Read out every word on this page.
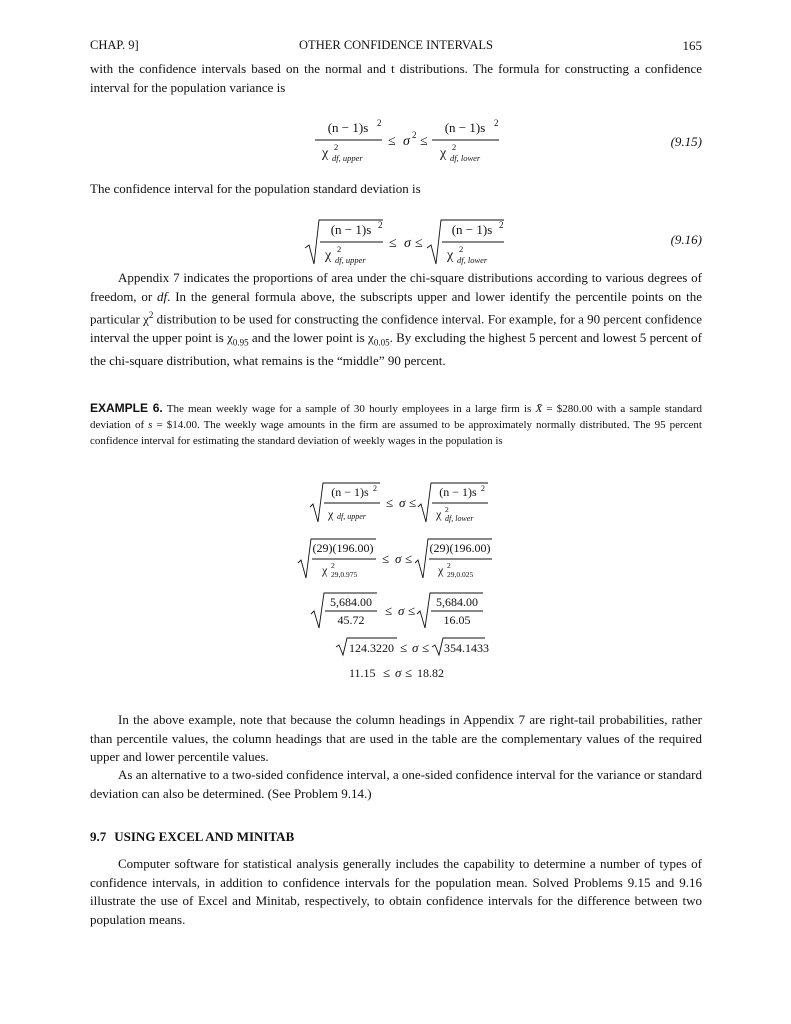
CHAP. 9]	OTHER CONFIDENCE INTERVALS	165

with the confidence intervals based on the normal and t distributions. The formula for constructing a confidence interval for the population variance is

(n − 1)s 2
χ 2
df, upper
≤ σ 2 ≤
(n − 1)s 2
χ 2
df, lower
(9.15)

The confidence interval for the population standard deviation is

(n − 1)s 2
χ 2
df, upper
≤ σ ≤
(n − 1)s 2
χ 2
df, lower
(9.16)

Appendix 7 indicates the proportions of area under the chi-square distributions according to various degrees of freedom, or df. In the general formula above, the subscripts upper and lower identify the percentile points on the particular $\chi^2$ distribution to be used for constructing the confidence interval. For example, for a 90 percent confidence interval the upper point is $\chi_{0.95}$ and the lower point is $\chi_{0.05}$. By excluding the highest 5 percent and lowest 5 percent of the chi-square distribution, what remains is the “middle” 90 percent.

EXAMPLE 6. The mean weekly wage for a sample of 30 hourly employees in a large firm is X̄ = $280.00 with a sample standard deviation of s = $14.00. The weekly wage amounts in the firm are assumed to be approximately normally distributed. The 95 percent confidence interval for estimating the standard deviation of weekly wages in the population is

(n − 1)s 2
χ df, upper
≤ σ ≤
(n − 1)s 2
χ 2
df, lower
(29)(196.00)
χ 2
29,0.975
≤ σ ≤
(29)(196.00)
χ 2
29,0.025
5,684.00
45.72
≤ σ ≤
5,684.00
16.05
124.3220 ≤ σ ≤ 354.1433
11.15 ≤ σ ≤ 18.82

In the above example, note that because the column headings in Appendix 7 are right-tail probabilities, rather than percentile values, the column headings that are used in the table are the complementary values of the required upper and lower percentile values.

As an alternative to a two-sided confidence interval, a one-sided confidence interval for the variance or standard deviation can also be determined. (See Problem 9.14.)

9.7 USING EXCEL AND MINITAB

Computer software for statistical analysis generally includes the capability to determine a number of types of confidence intervals, in addition to confidence intervals for the population mean. Solved Problems 9.15 and 9.16 illustrate the use of Excel and Minitab, respectively, to obtain confidence intervals for the difference between two population means.
